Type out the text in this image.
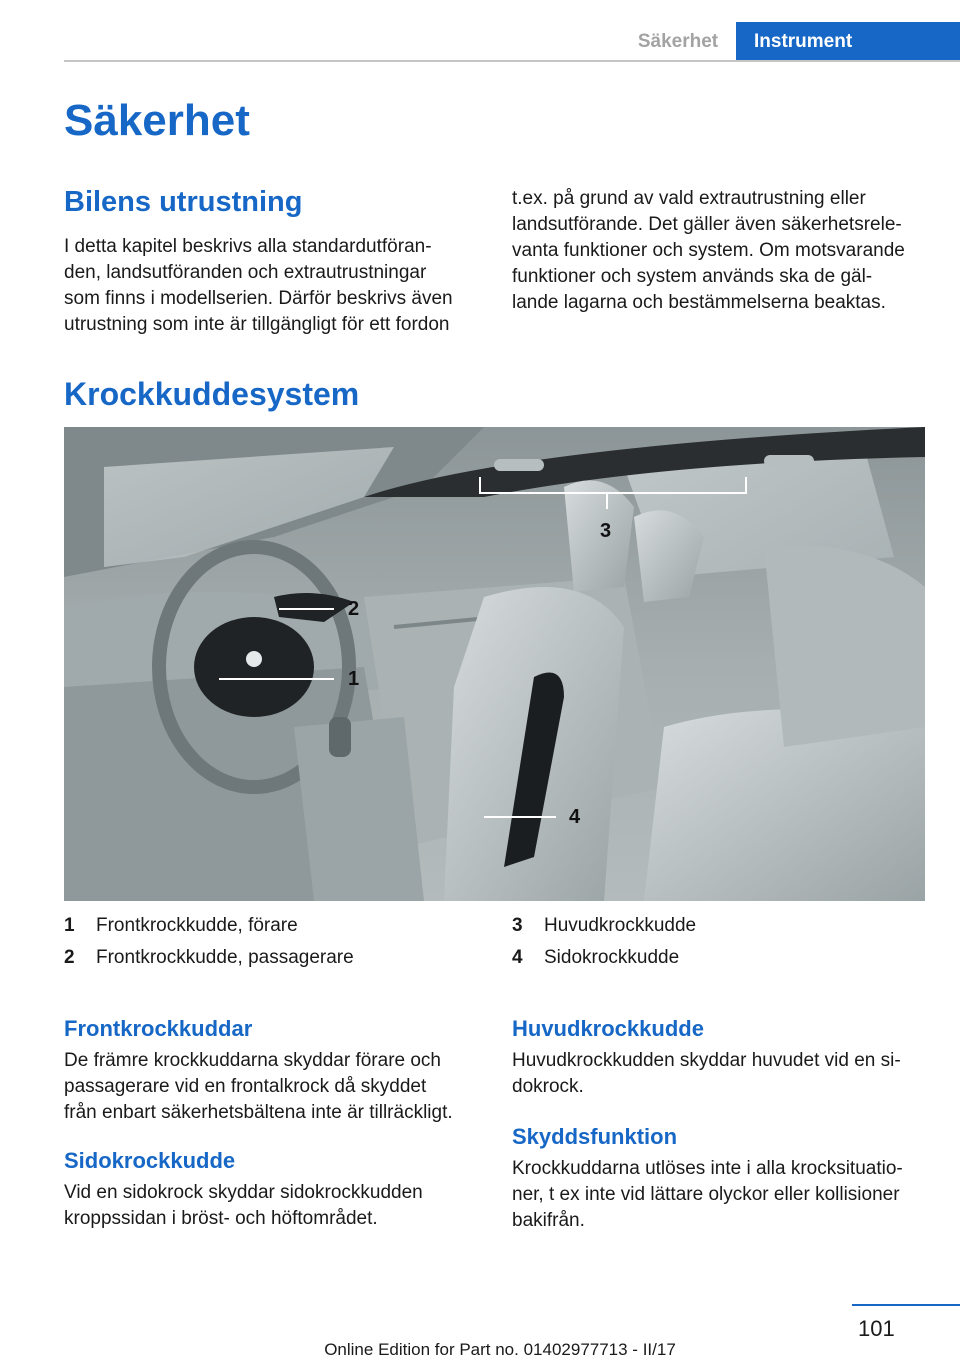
Säkerhet	Instrument
Säkerhet
Bilens utrustning

I detta kapitel beskrivs alla standardutföran-
den, landsutföranden och extrautrustningar
som finns i modellserien. Därför beskrivs även
utrustning som inte är tillgängligt för ett fordon

t.ex. på grund av vald extrautrustning eller
landsutförande. Det gäller även säkerhetsrele-
vanta funktioner och system. Om motsvarande
funktioner och system används ska de gäl-
lande lagarna och bestämmelserna beaktas.

Krockkuddesystem
1
2
3
4
1	Frontkrockkudde, förare
2	Frontkrockkudde, passagerare
3	Huvudkrockkudde
4	Sidokrockkudde
Frontkrockkuddar

De främre krockkuddarna skyddar förare och
passagerare vid en frontalkrock då skyddet
från enbart säkerhetsbältena inte är tillräckligt.

Sidokrockkudde

Vid en sidokrock skyddar sidokrockkudden
kroppssidan i bröst- och höftområdet.

Huvudkrockkudde

Huvudkrockkudden skyddar huvudet vid en si-
dokrock.

Skyddsfunktion

Krockkuddarna utlöses inte i alla krocksituatio-
ner, t ex inte vid lättare olyckor eller kollisioner
bakifrån.

101
Online Edition for Part no. 01402977713 - II/17
